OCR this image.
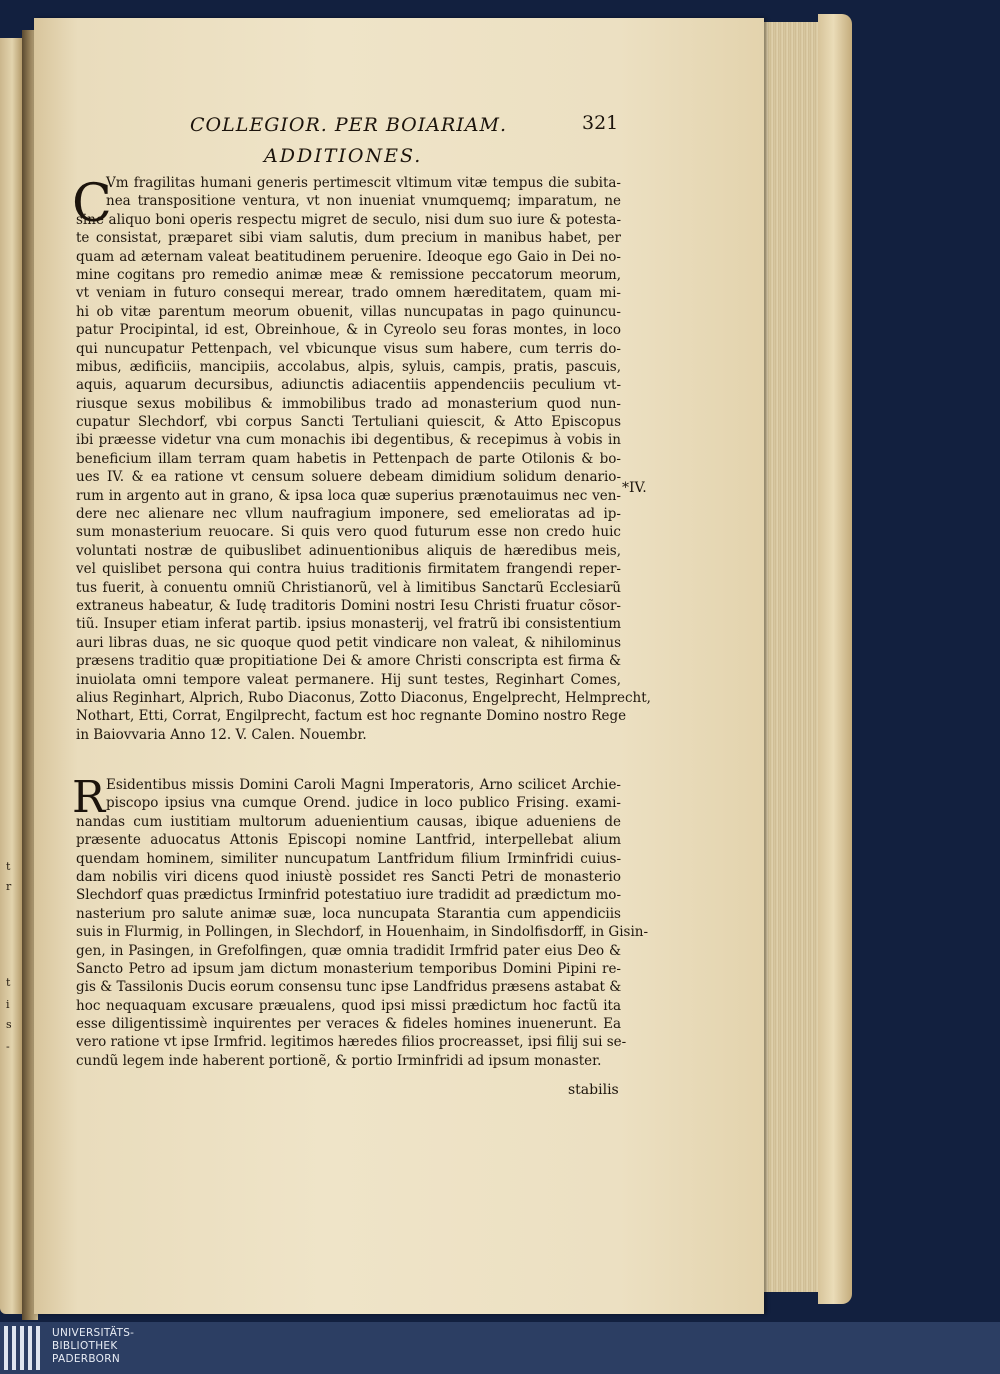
t
r
t
i
s
-
COLLEGIOR. PER BOIARIAM.	321
ADDITIONES.
C
Vm fragilitas humani generis pertimescit vltimum vitæ tempus die subita-
nea transpositione ventura, vt non inueniat vnumquemq; imparatum, ne
sine aliquo boni operis respectu migret de seculo, nisi dum suo iure & potesta-
te consistat, præparet sibi viam salutis, dum precium in manibus habet, per
quam ad æternam valeat beatitudinem peruenire. Ideoque ego Gaio in Dei no-
mine cogitans pro remedio animæ meæ & remissione peccatorum meorum,
vt veniam in futuro consequi merear, trado omnem hæreditatem, quam mi-
hi ob vitæ parentum meorum obuenit, villas nuncupatas in pago quinuncu-
patur Procipintal, id est, Obreinhoue, & in Cyreolo seu foras montes, in loco
qui nuncupatur Pettenpach, vel vbicunque visus sum habere, cum terris do-
mibus, ædificiis, mancipiis, accolabus, alpis, syluis, campis, pratis, pascuis,
aquis, aquarum decursibus, adiunctis adiacentiis appendenciis peculium vt-
riusque sexus mobilibus & immobilibus trado ad monasterium quod nun-
cupatur Slechdorf, vbi corpus Sancti Tertuliani quiescit, & Atto Episcopus
ibi præesse videtur vna cum monachis ibi degentibus, & recepimus à vobis in
beneficium illam terram quam habetis in Pettenpach de parte Otilonis & bo-
ues IV. & ea ratione vt censum soluere debeam dimidium solidum denario-
rum in argento aut in grano, & ipsa loca quæ superius prænotauimus nec ven-
dere nec alienare nec vllum naufragium imponere, sed emelioratas ad ip-
sum monasterium reuocare. Si quis vero quod futurum esse non credo huic
voluntati nostræ de quibuslibet adinuentionibus aliquis de hæredibus meis,
vel quislibet persona qui contra huius traditionis firmitatem frangendi reper-
tus fuerit, à conuentu omniũ Christianorũ, vel à limitibus Sanctarũ Ecclesiarũ
extraneus habeatur, & Iudę traditoris Domini nostri Iesu Christi fruatur cõsor-
tiũ. Insuper etiam inferat partib. ipsius monasterij, vel fratrũ ibi consistentium
auri libras duas, ne sic quoque quod petit vindicare non valeat, & nihilominus
præsens traditio quæ propitiatione Dei & amore Christi conscripta est firma &
inuiolata omni tempore valeat permanere. Hij sunt testes, Reginhart Comes,
alius Reginhart, Alprich, Rubo Diaconus, Zotto Diaconus, Engelprecht, Helmprecht,
Nothart, Etti, Corrat, Engilprecht, factum est hoc regnante Domino nostro Rege
in Baiovvaria Anno 12. V. Calen. Nouembr.
*IV.
R Esidentibus missis Domini Caroli Magni Imperatoris, Arno scilicet Archie-
piscopo ipsius vna cumque Orend. judice in loco publico Frising. exami-
nandas cum iustitiam multorum aduenientium causas, ibique adueniens de
præsente aduocatus Attonis Episcopi nomine Lantfrid, interpellebat alium
quendam hominem, similiter nuncupatum Lantfridum filium Irminfridi cuius-
dam nobilis viri dicens quod iniustè possidet res Sancti Petri de monasterio
Slechdorf quas prædictus Irminfrid potestatiuo iure tradidit ad prædictum mo-
nasterium pro salute animæ suæ, loca nuncupata Starantia cum appendiciis
suis in Flurmig, in Pollingen, in Slechdorf, in Houenhaim, in Sindolfisdorff, in Gisin-
gen, in Pasingen, in Grefolfingen, quæ omnia tradidit Irmfrid pater eius Deo &
Sancto Petro ad ipsum jam dictum monasterium temporibus Domini Pipini re-
gis & Tassilonis Ducis eorum consensu tunc ipse Landfridus præsens astabat &
hoc nequaquam excusare præualens, quod ipsi missi prædictum hoc factũ ita
esse diligentissimè inquirentes per veraces & fideles homines inuenerunt. Ea
vero ratione vt ipse Irmfrid. legitimos hæredes filios procreasset, ipsi filij sui se-
cundũ legem inde haberent portionẽ, & portio Irminfridi ad ipsum monaster.
stabilis
UNIVERSITÄTS-
BIBLIOTHEK
PADERBORN
